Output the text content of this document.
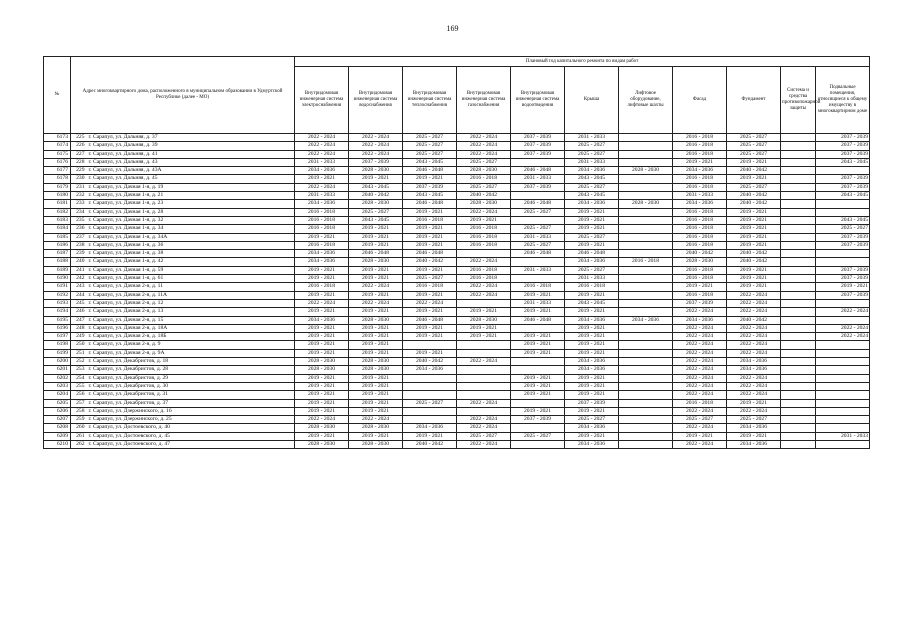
169
№	Адрес многоквартирного дома, расположенного в муниципальном образовании в Удмуртской Республике (далее - МО)		Плановый год капитального ремонта по видам работ										
			Внутридомовая инженерная система электроснабжения	Внутридомовая инженерная система водоснабжения	Внутридомовая инженерная система теплоснабжения	Внутридомовая инженерная система газоснабжения	Внутридомовая инженерная система водоотведения	Крыша	Лифтовое оборудование, лифтовые шахты	Фасад	Фундамент	Система и средства противопожарной защиты	Подвальные помещения, относящиеся к общему имуществу в многоквартирном доме
6173	225	г. Сарапул, ул. Дальняя, д. 37	2022 - 2024	2022 - 2024	2025 - 2027	2022 - 2024	2037 - 2039	2031 - 2033		2016 - 2018	2025 - 2027		2037 - 2039
6174	226	г. Сарапул, ул. Дальняя, д. 39	2022 - 2024	2022 - 2024	2025 - 2027	2022 - 2024	2037 - 2039	2025 - 2027		2016 - 2018	2025 - 2027		2037 - 2039
6175	227	г. Сарапул, ул. Дальняя, д. 41	2022 - 2024	2022 - 2024	2025 - 2027	2022 - 2024	2037 - 2039	2025 - 2027		2016 - 2018	2025 - 2027		2037 - 2039
6176	228	г. Сарапул, ул. Дальняя, д. 43	2031 - 2033	2037 - 2039	2043 - 2045	2025 - 2027		2031 - 2033		2019 - 2021	2019 - 2021		2043 - 2045
6177	229	г. Сарапул, ул. Дальняя, д. 43А	2034 - 2036	2028 - 2030	2046 - 2048	2028 - 2030	2046 - 2048	2034 - 2036	2028 - 2030	2034 - 2036	2040 - 2042		
6178	230	г. Сарапул, ул. Дальняя, д. 45	2019 - 2021	2019 - 2021	2019 - 2021	2016 - 2018	2031 - 2033	2043 - 2045		2016 - 2018	2019 - 2021		2037 - 2039
6179	231	г. Сарапул, ул. Дачная 1-я, д. 19	2022 - 2024	2043 - 2045	2037 - 2039	2025 - 2027	2037 - 2039	2025 - 2027		2016 - 2018	2025 - 2027		2037 - 2039
6180	232	г. Сарапул, ул. Дачная 1-я, д. 21	2031 - 2033	2040 - 2042	2043 - 2045	2040 - 2042		2043 - 2045		2031 - 2033	2040 - 2042		2043 - 2045
6181	233	г. Сарапул, ул. Дачная 1-я, д. 23	2034 - 2036	2028 - 2030	2046 - 2048	2028 - 2030	2046 - 2048	2034 - 2036	2028 - 2030	2034 - 2036	2040 - 2042		
6182	234	г. Сарапул, ул. Дачная 1-я, д. 28	2016 - 2018	2025 - 2027	2019 - 2021	2022 - 2024	2025 - 2027	2019 - 2021		2016 - 2018	2019 - 2021		
6183	235	г. Сарапул, ул. Дачная 1-я, д. 32	2016 - 2018	2043 - 2045	2016 - 2018	2019 - 2021		2019 - 2021		2016 - 2018	2019 - 2021		2043 - 2045
6184	236	г. Сарапул, ул. Дачная 1-я, д. 34	2016 - 2018	2019 - 2021	2019 - 2021	2016 - 2018	2025 - 2027	2019 - 2021		2016 - 2018	2019 - 2021		2025 - 2027
6185	237	г. Сарапул, ул. Дачная 1-я, д. 34А	2019 - 2021	2019 - 2021	2019 - 2021	2016 - 2018	2031 - 2033	2025 - 2027		2016 - 2018	2019 - 2021		2037 - 2039
6186	238	г. Сарапул, ул. Дачная 1-я, д. 36	2016 - 2018	2019 - 2021	2019 - 2021	2016 - 2018	2025 - 2027	2019 - 2021		2016 - 2018	2019 - 2021		2037 - 2039
6187	239	г. Сарапул, ул. Дачная 1-я, д. 38	2034 - 2036	2046 - 2048	2046 - 2048		2046 - 2048	2046 - 2048		2040 - 2042	2040 - 2042		
6188	240	г. Сарапул, ул. Дачная 1-я, д. 42	2034 - 2036	2028 - 2030	2040 - 2042	2022 - 2024		2034 - 2036	2016 - 2018	2028 - 2030	2040 - 2042		
6189	241	г. Сарапул, ул. Дачная 1-я, д. 59	2019 - 2021	2019 - 2021	2019 - 2021	2016 - 2018	2031 - 2033	2025 - 2027		2016 - 2018	2019 - 2021		2037 - 2039
6190	242	г. Сарапул, ул. Дачная 1-я, д. 61	2019 - 2021	2019 - 2021	2025 - 2027	2016 - 2018		2031 - 2033		2016 - 2018	2019 - 2021		2037 - 2039
6191	243	г. Сарапул, ул. Дачная 2-я, д. 11	2016 - 2018	2022 - 2024	2016 - 2018	2022 - 2024	2016 - 2018	2016 - 2018		2019 - 2021	2019 - 2021		2019 - 2021
6192	244	г. Сарапул, ул. Дачная 2-я, д. 11А	2019 - 2021	2019 - 2021	2019 - 2021	2022 - 2024	2019 - 2021	2019 - 2021		2016 - 2018	2022 - 2024		2037 - 2039
6193	245	г. Сарапул, ул. Дачная 2-я, д. 12	2022 - 2024	2022 - 2024	2022 - 2024		2031 - 2033	2043 - 2045		2037 - 2039	2022 - 2024		
6194	246	г. Сарапул, ул. Дачная 2-я, д. 13	2019 - 2021	2019 - 2021	2019 - 2021	2019 - 2021	2019 - 2021	2019 - 2021		2022 - 2024	2022 - 2024		2022 - 2024
6195	247	г. Сарапул, ул. Дачная 2-я, д. 15	2034 - 2036	2028 - 2030	2046 - 2048	2028 - 2030	2046 - 2048	2034 - 2036	2034 - 2036	2034 - 2036	2040 - 2042		
6196	248	г. Сарапул, ул. Дачная 2-я, д. 18А	2019 - 2021	2019 - 2021	2019 - 2021	2019 - 2021		2019 - 2021		2022 - 2024	2022 - 2024		2022 - 2024
6197	249	г. Сарапул, ул. Дачная 2-я, д. 18Б	2019 - 2021	2019 - 2021	2019 - 2021	2019 - 2021	2019 - 2021	2019 - 2021		2022 - 2024	2022 - 2024		2022 - 2024
6198	250	г. Сарапул, ул. Дачная 2-я, д. 9	2019 - 2021	2019 - 2021			2019 - 2021	2019 - 2021		2022 - 2024	2022 - 2024		
6199	251	г. Сарапул, ул. Дачная 2-я, д. 9А	2019 - 2021	2019 - 2021	2019 - 2021		2019 - 2021	2019 - 2021		2022 - 2024	2022 - 2024		
6200	252	г. Сарапул, ул. Декабристов, д. 18	2028 - 2030	2028 - 2030	2040 - 2042	2022 - 2024		2034 - 2036		2022 - 2024	2034 - 2036		
6201	253	г. Сарапул, ул. Декабристов, д. 28	2028 - 2030	2028 - 2030	2034 - 2036			2034 - 2036		2022 - 2024	2034 - 2036		
6202	254	г. Сарапул, ул. Декабристов, д. 29	2019 - 2021	2019 - 2021			2019 - 2021	2019 - 2021		2022 - 2024	2022 - 2024		
6203	255	г. Сарапул, ул. Декабристов, д. 30	2019 - 2021	2019 - 2021			2019 - 2021	2019 - 2021		2022 - 2024	2022 - 2024		
6204	256	г. Сарапул, ул. Декабристов, д. 31	2019 - 2021	2019 - 2021			2019 - 2021	2019 - 2021		2022 - 2024	2022 - 2024		
6205	257	г. Сарапул, ул. Декабристов, д. 37	2019 - 2021	2019 - 2021	2025 - 2027	2022 - 2024		2037 - 2039		2016 - 2018	2019 - 2021		
6206	258	г. Сарапул, ул. Дзержинского, д. 16	2019 - 2021	2019 - 2021			2019 - 2021	2019 - 2021		2022 - 2024	2022 - 2024		
6207	259	г. Сарапул, ул. Дзержинского, д. 25	2022 - 2024	2022 - 2024		2022 - 2024	2037 - 2039	2025 - 2027		2025 - 2027	2025 - 2027		
6208	260	г. Сарапул, ул. Достоевского, д. 40	2028 - 2030	2028 - 2030	2034 - 2036	2022 - 2024		2034 - 2036		2022 - 2024	2034 - 2036		
6209	261	г. Сарапул, ул. Достоевского, д. 45	2019 - 2021	2019 - 2021	2019 - 2021	2025 - 2027	2025 - 2027	2019 - 2021		2019 - 2021	2019 - 2021		2031 - 2033
6210	262	г. Сарапул, ул. Достоевского, д. 47	2028 - 2030	2028 - 2030	2040 - 2042	2022 - 2024		2034 - 2036		2022 - 2024	2034 - 2036		
